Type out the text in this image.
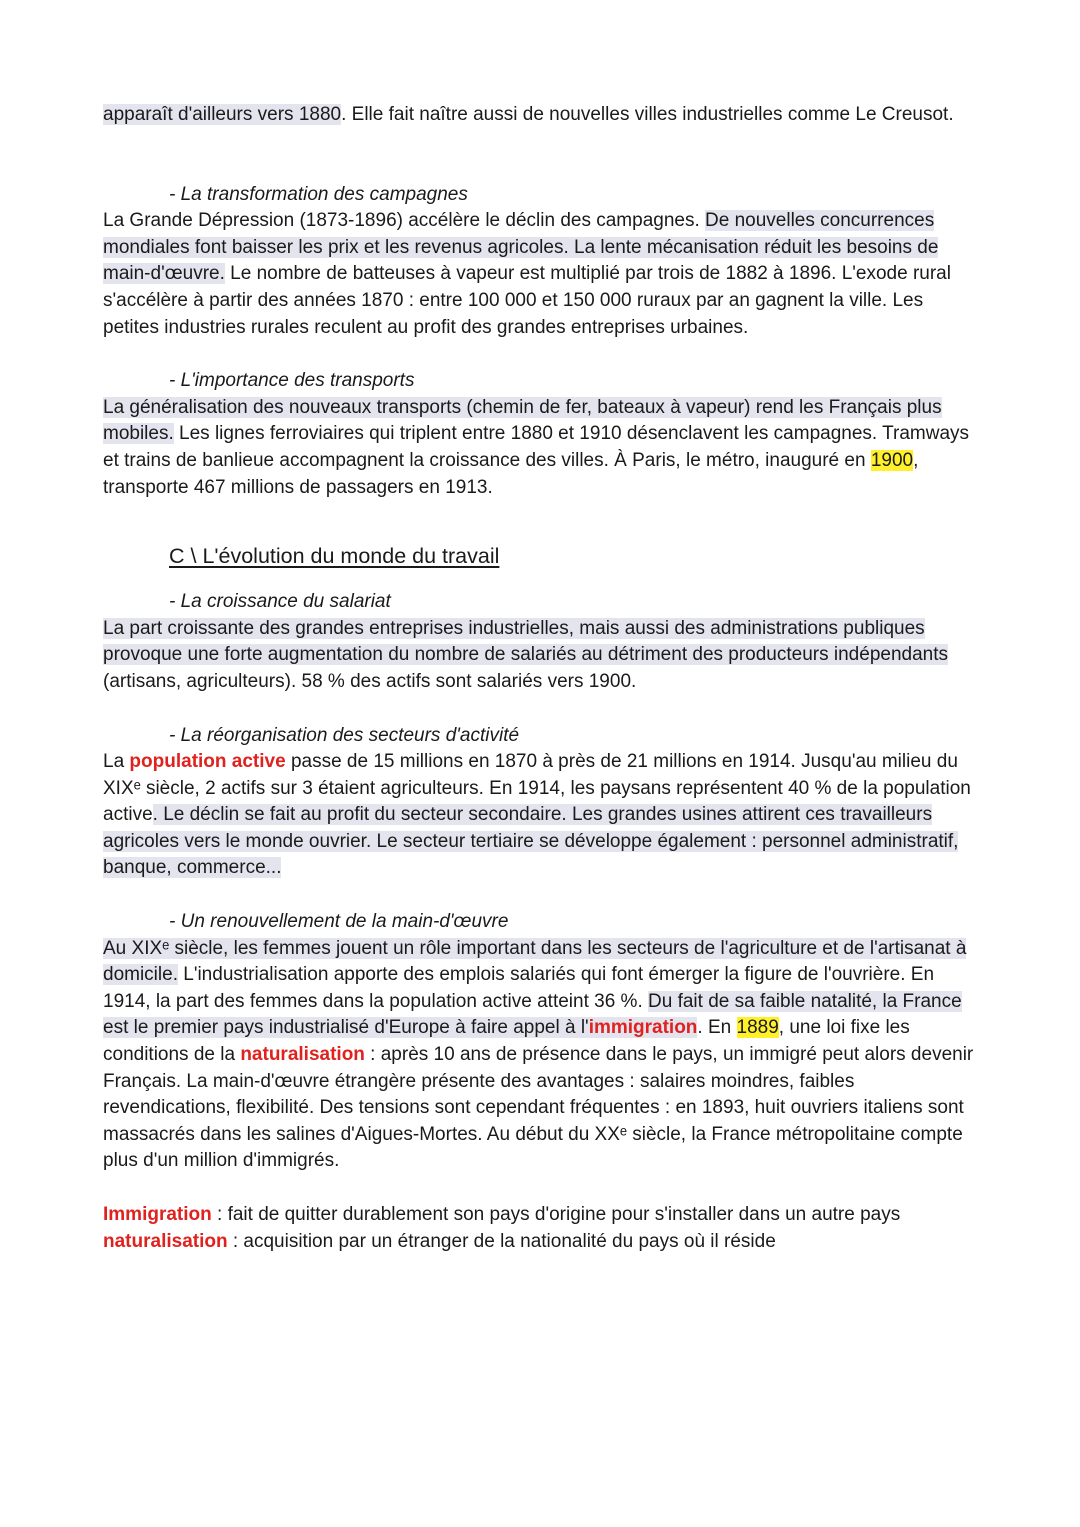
apparaît d'ailleurs vers 1880. Elle fait naître aussi de nouvelles villes industrielles comme Le Creusot.

- La transformation des campagnes

La Grande Dépression (1873-1896) accélère le déclin des campagnes. De nouvelles concurrences mondiales font baisser les prix et les revenus agricoles. La lente mécanisation réduit les besoins de main-d'œuvre. Le nombre de batteuses à vapeur est multiplié par trois de 1882 à 1896. L'exode rural s'accélère à partir des années 1870 : entre 100 000 et 150 000 ruraux par an gagnent la ville. Les petites industries rurales reculent au profit des grandes entreprises urbaines.

- L'importance des transports

La généralisation des nouveaux transports (chemin de fer, bateaux à vapeur) rend les Français plus mobiles. Les lignes ferroviaires qui triplent entre 1880 et 1910 désenclavent les campagnes. Tramways et trains de banlieue accompagnent la croissance des villes. À Paris, le métro, inauguré en 1900, transporte 467 millions de passagers en 1913.

C \ L'évolution du monde du travail

- La croissance du salariat

La part croissante des grandes entreprises industrielles, mais aussi des administrations publiques provoque une forte augmentation du nombre de salariés au détriment des producteurs indépendants (artisans, agriculteurs). 58 % des actifs sont salariés vers 1900.

- La réorganisation des secteurs d'activité

La population active passe de 15 millions en 1870 à près de 21 millions en 1914. Jusqu'au milieu du XIXᵉ siècle, 2 actifs sur 3 étaient agriculteurs. En 1914, les paysans représentent 40 % de la population active. Le déclin se fait au profit du secteur secondaire. Les grandes usines attirent ces travailleurs agricoles vers le monde ouvrier. Le secteur tertiaire se développe également : personnel administratif, banque, commerce...

- Un renouvellement de la main-d'œuvre

Au XIXᵉ siècle, les femmes jouent un rôle important dans les secteurs de l'agriculture et de l'artisanat à domicile. L'industrialisation apporte des emplois salariés qui font émerger la figure de l'ouvrière. En 1914, la part des femmes dans la population active atteint 36 %. Du fait de sa faible natalité, la France est le premier pays industrialisé d'Europe à faire appel à l'immigration. En 1889, une loi fixe les conditions de la naturalisation : après 10 ans de présence dans le pays, un immigré peut alors devenir Français. La main-d'œuvre étrangère présente des avantages : salaires moindres, faibles revendications, flexibilité. Des tensions sont cependant fréquentes : en 1893, huit ouvriers italiens sont massacrés dans les salines d'Aigues-Mortes. Au début du XXᵉ siècle, la France métropolitaine compte plus d'un million d'immigrés.

Immigration : fait de quitter durablement son pays d'origine pour s'installer dans un autre pays

naturalisation : acquisition par un étranger de la nationalité du pays où il réside
